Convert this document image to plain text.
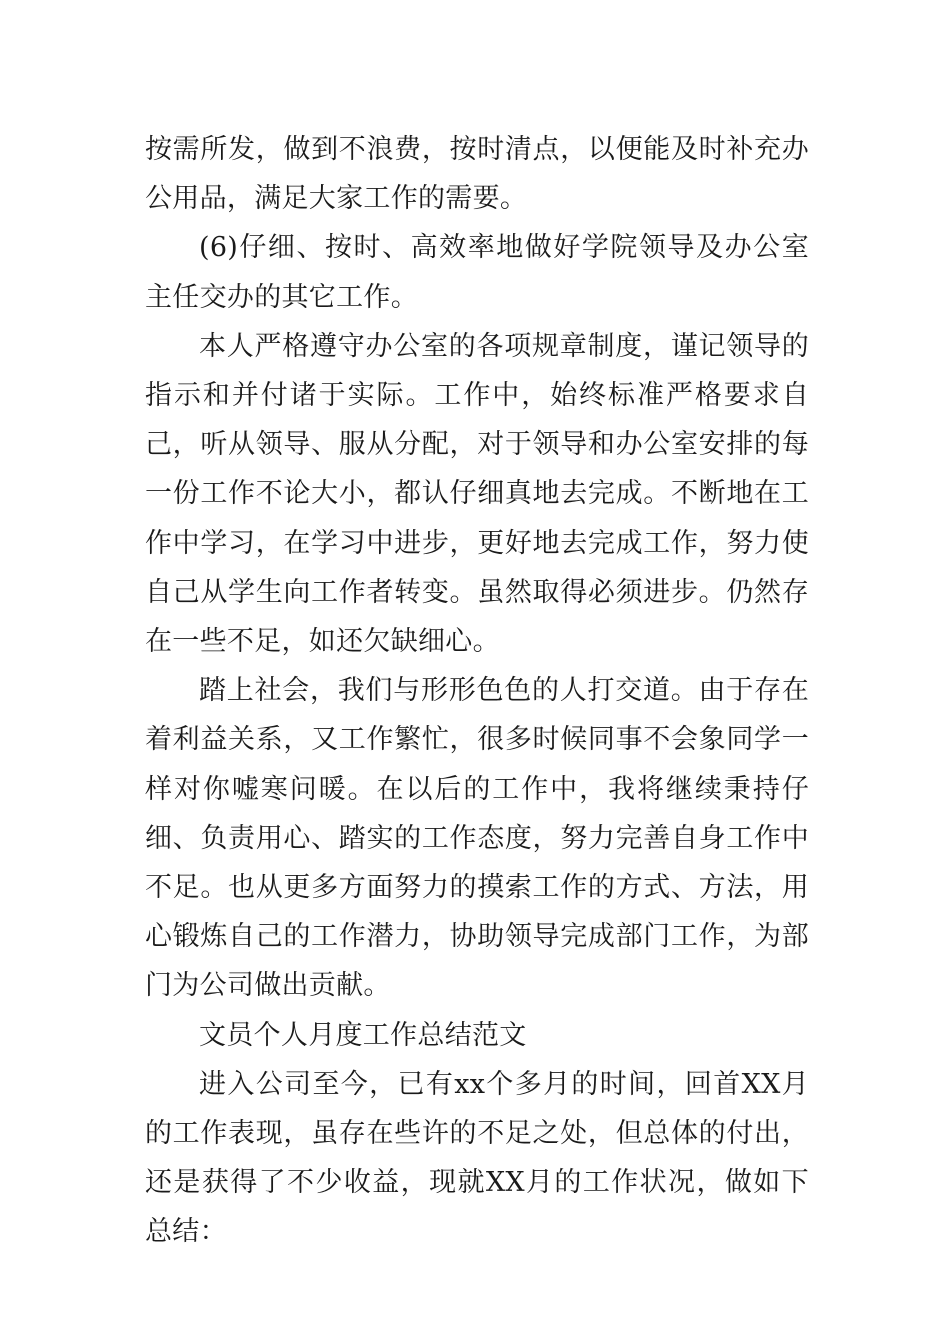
按需所发，做到不浪费，按时清点，以便能及时补充办公用品，满足大家工作的需要。

(6)仔细、按时、高效率地做好学院领导及办公室主任交办的其它工作。

本人严格遵守办公室的各项规章制度，谨记领导的指示和并付诸于实际。工作中，始终标准严格要求自己，听从领导、服从分配，对于领导和办公室安排的每一份工作不论大小，都认仔细真地去完成。不断地在工作中学习，在学习中进步，更好地去完成工作，努力使自己从学生向工作者转变。虽然取得必须进步。仍然存在一些不足，如还欠缺细心。

踏上社会，我们与形形色色的人打交道。由于存在着利益关系，又工作繁忙，很多时候同事不会象同学一样对你嘘寒问暖。在以后的工作中，我将继续秉持仔细、负责用心、踏实的工作态度，努力完善自身工作中不足。也从更多方面努力的摸索工作的方式、方法，用心锻炼自己的工作潜力，协助领导完成部门工作，为部门为公司做出贡献。

文员个人月度工作总结范文

进入公司至今，已有xx个多月的时间，回首XX月的工作表现，虽存在些许的不足之处，但总体的付出，还是获得了不少收益，现就XX月的工作状况，做如下总结：
